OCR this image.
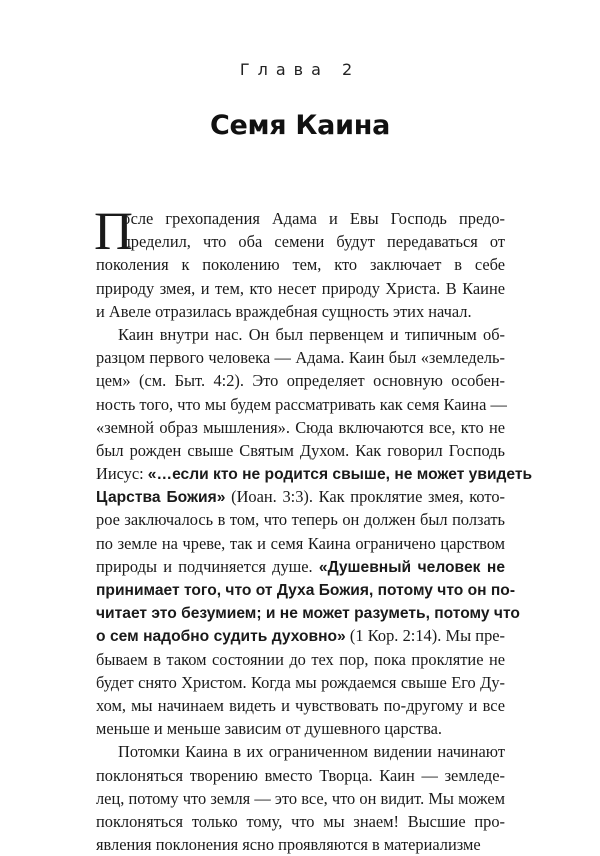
Глава 2
Семя Каина
П
осле грехопадения Адама и Евы Господь предо-
пределил, что оба семени будут передаваться от
поколения к поколению тем, кто заключает в себе
природу змея, и тем, кто несет природу Христа. В Каине
и Авеле отразилась враждебная сущность этих начал.
Каин внутри нас. Он был первенцем и типичным об-
разцом первого человека — Адама. Каин был «земледель-
цем» (см. Быт. 4:2). Это определяет основную особен-
ность того, что мы будем рассматривать как семя Каина —
«земной образ мышления». Сюда включаются все, кто не
был рожден свыше Святым Духом. Как говорил Господь
Иисус: «…если кто не родится свыше, не может увидеть
Царства Божия» (Иоан. 3:3). Как проклятие змея, кото-
рое заключалось в том, что теперь он должен был ползать
по земле на чреве, так и семя Каина ограничено царством
природы и подчиняется душе. «Душевный человек не
принимает того, что от Духа Божия, потому что он по-
читает это безумием; и не может разуметь, потому что
о сем надобно судить духовно» (1 Кор. 2:14). Мы пре-
бываем в таком состоянии до тех пор, пока проклятие не
будет снято Христом. Когда мы рождаемся свыше Его Ду-
хом, мы начинаем видеть и чувствовать по-другому и все
меньше и меньше зависим от душевного царства.
Потомки Каина в их ограниченном видении начинают
поклоняться творению вместо Творца. Каин — земледе-
лец, потому что земля — это все, что он видит. Мы можем
поклоняться только тому, что мы знаем! Высшие про-
явления поклонения ясно проявляются в материализме
